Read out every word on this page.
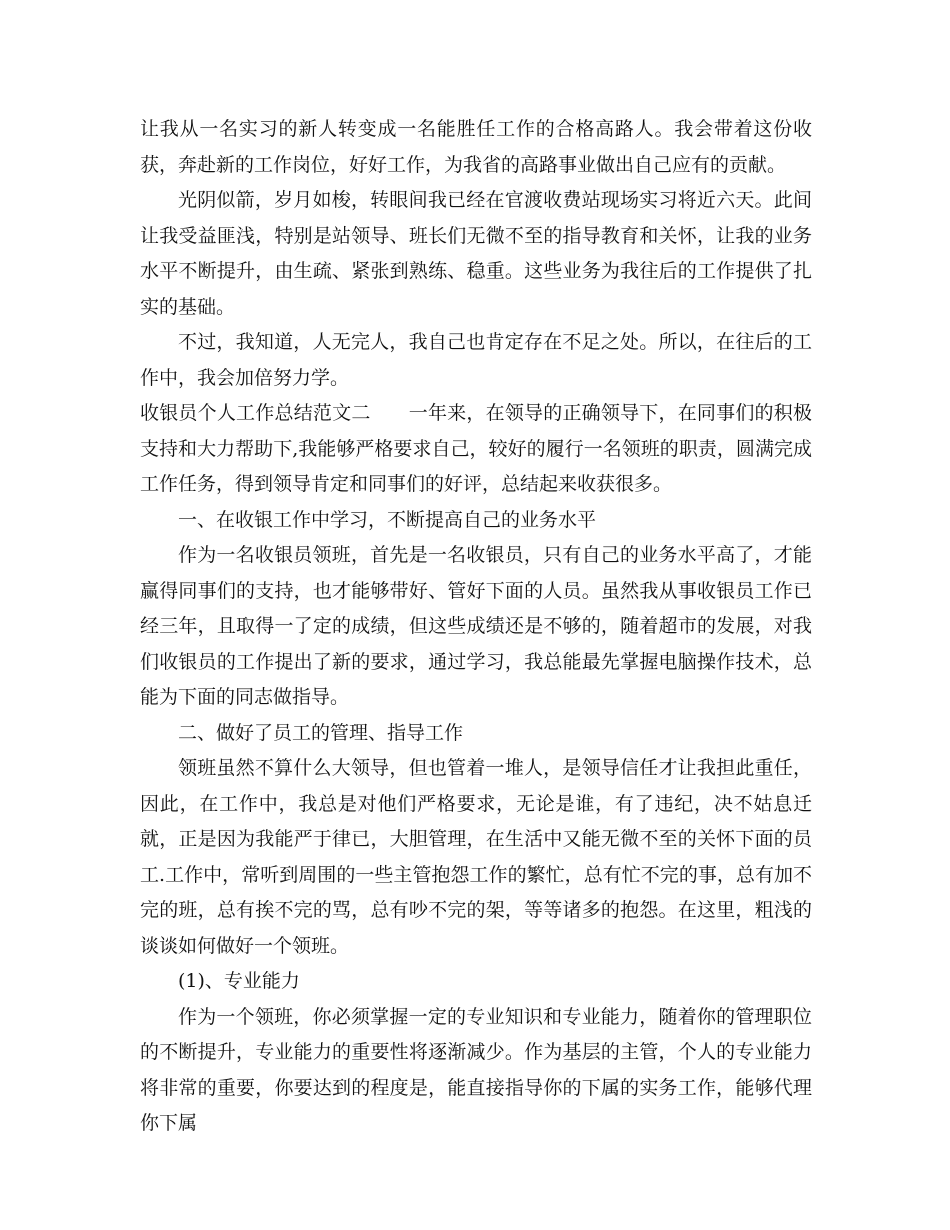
让我从一名实习的新人转变成一名能胜任工作的合格高路人。我会带着这份收获，奔赴新的工作岗位，好好工作，为我省的高路事业做出自己应有的贡献。

光阴似箭，岁月如梭，转眼间我已经在官渡收费站现场实习将近六天。此间让我受益匪浅，特别是站领导、班长们无微不至的指导教育和关怀，让我的业务水平不断提升，由生疏、紧张到熟练、稳重。这些业务为我往后的工作提供了扎实的基础。

不过，我知道，人无完人，我自己也肯定存在不足之处。所以，在往后的工作中，我会加倍努力学。

收银员个人工作总结范文二 一年来，在领导的正确领导下，在同事们的积极支持和大力帮助下,我能够严格要求自己，较好的履行一名领班的职责，圆满完成工作任务，得到领导肯定和同事们的好评，总结起来收获很多。

一、在收银工作中学习，不断提高自己的业务水平

作为一名收银员领班，首先是一名收银员，只有自己的业务水平高了，才能赢得同事们的支持，也才能够带好、管好下面的人员。虽然我从事收银员工作已经三年，且取得一了定的成绩，但这些成绩还是不够的，随着超市的发展，对我们收银员的工作提出了新的要求，通过学习，我总能最先掌握电脑操作技术，总能为下面的同志做指导。

二、做好了员工的管理、指导工作

领班虽然不算什么大领导，但也管着一堆人，是领导信任才让我担此重任，因此，在工作中，我总是对他们严格要求，无论是谁，有了违纪，决不姑息迁就，正是因为我能严于律已，大胆管理，在生活中又能无微不至的关怀下面的员工.工作中，常听到周围的一些主管抱怨工作的繁忙，总有忙不完的事，总有加不完的班，总有挨不完的骂，总有吵不完的架，等等诸多的抱怨。在这里，粗浅的谈谈如何做好一个领班。

(1)、专业能力

作为一个领班，你必须掌握一定的专业知识和专业能力，随着你的管理职位的不断提升，专业能力的重要性将逐渐减少。作为基层的主管，个人的专业能力将非常的重要，你要达到的程度是，能直接指导你的下属的实务工作，能够代理你下属
